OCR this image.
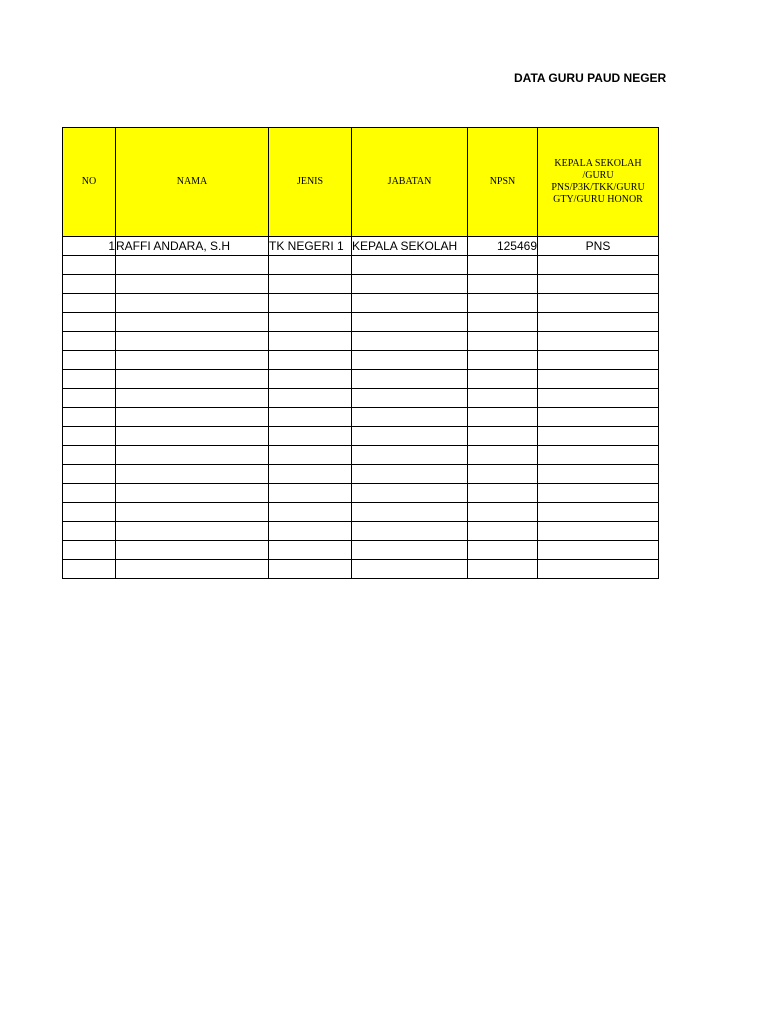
DATA GURU PAUD NEGER
NO	NAMA	JENIS	JABATAN	NPSN	KEPALA SEKOLAH /GURU PNS/P3K/TKK/GURU GTY/GURU HONOR
1	RAFFI ANDARA, S.H	TK NEGERI 1	KEPALA SEKOLAH	125469	PNS
